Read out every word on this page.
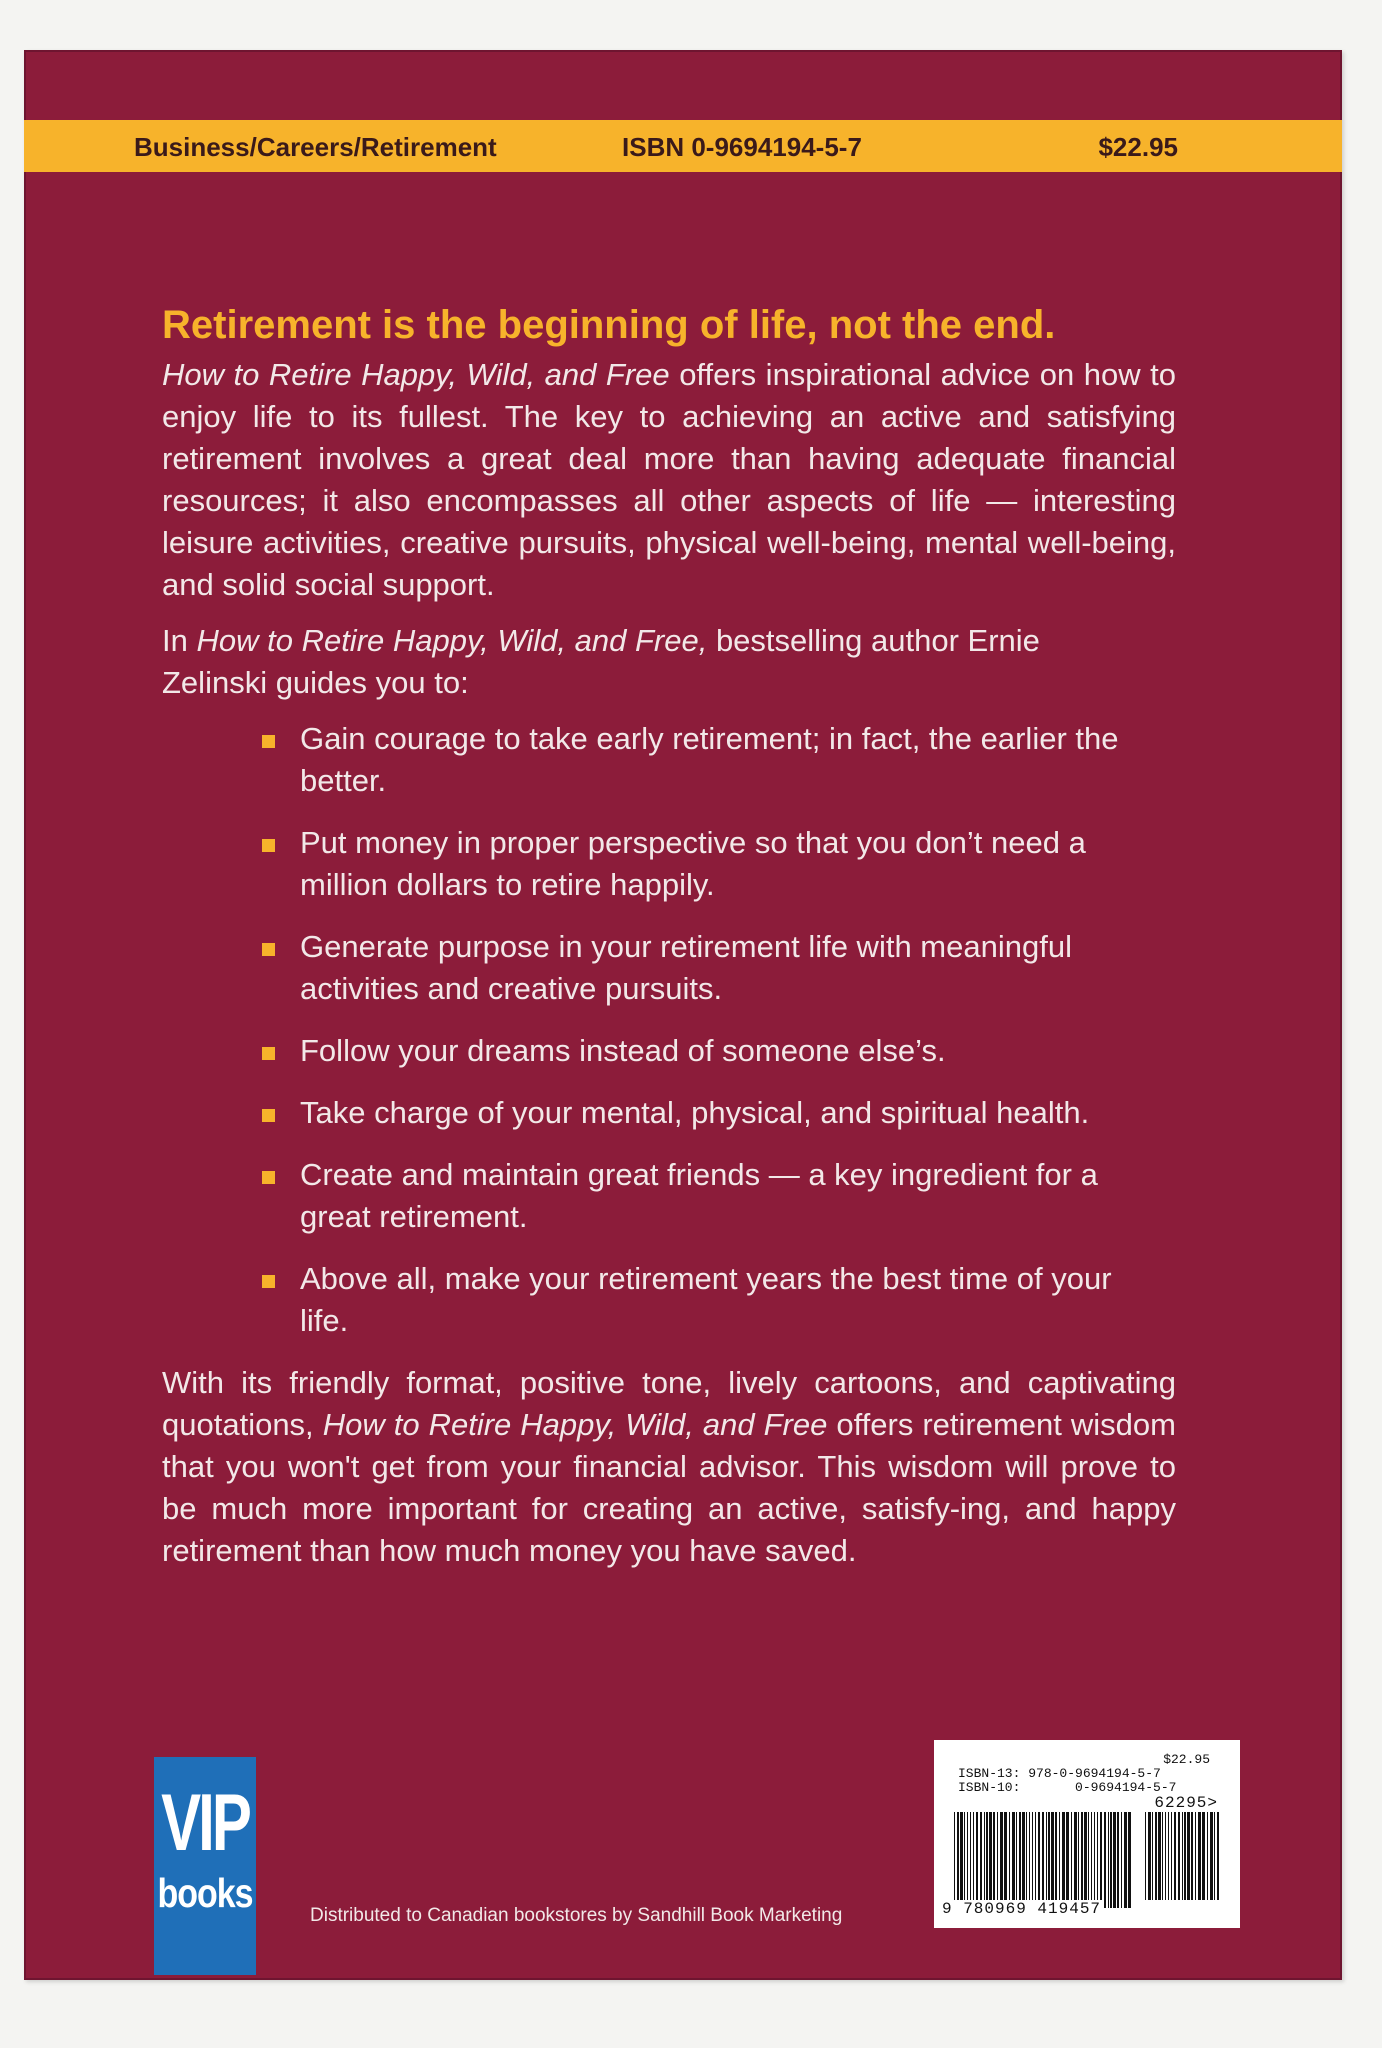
Business/Careers/Retirement	ISBN 0-9694194-5-7	$22.95

Retirement is the beginning of life, not the end.

How to Retire Happy, Wild, and Free offers inspirational advice on how to enjoy life to its fullest. The key to achieving an active and satisfying retirement involves a great deal more than having adequate financial resources; it also encompasses all other aspects of life — interesting leisure activities, creative pursuits, physical well-being, mental well-being, and solid social support.

In How to Retire Happy, Wild, and Free, bestselling author Ernie Zelinski guides you to:

Gain courage to take early retirement; in fact, the earlier the better.
Put money in proper perspective so that you don’t need a million dollars to retire happily.
Generate purpose in your retirement life with meaningful activities and creative pursuits.
Follow your dreams instead of someone else’s.
Take charge of your mental, physical, and spiritual health.
Create and maintain great friends — a key ingredient for a great retirement.
Above all, make your retirement years the best time of your life.

With its friendly format, positive tone, lively cartoons, and captivating quotations, How to Retire Happy, Wild, and Free offers retirement wisdom that you won't get from your financial advisor. This wisdom will prove to be much more important for creating an active, satisfy-ing, and happy retirement than how much money you have saved.

VIP
books	Distributed to Canadian bookstores by Sandhill Book Marketing
$22.95
ISBN-13: 978-0-9694194-5-7
ISBN-10:       0-9694194-5-7
62295>
9 780969 419457
